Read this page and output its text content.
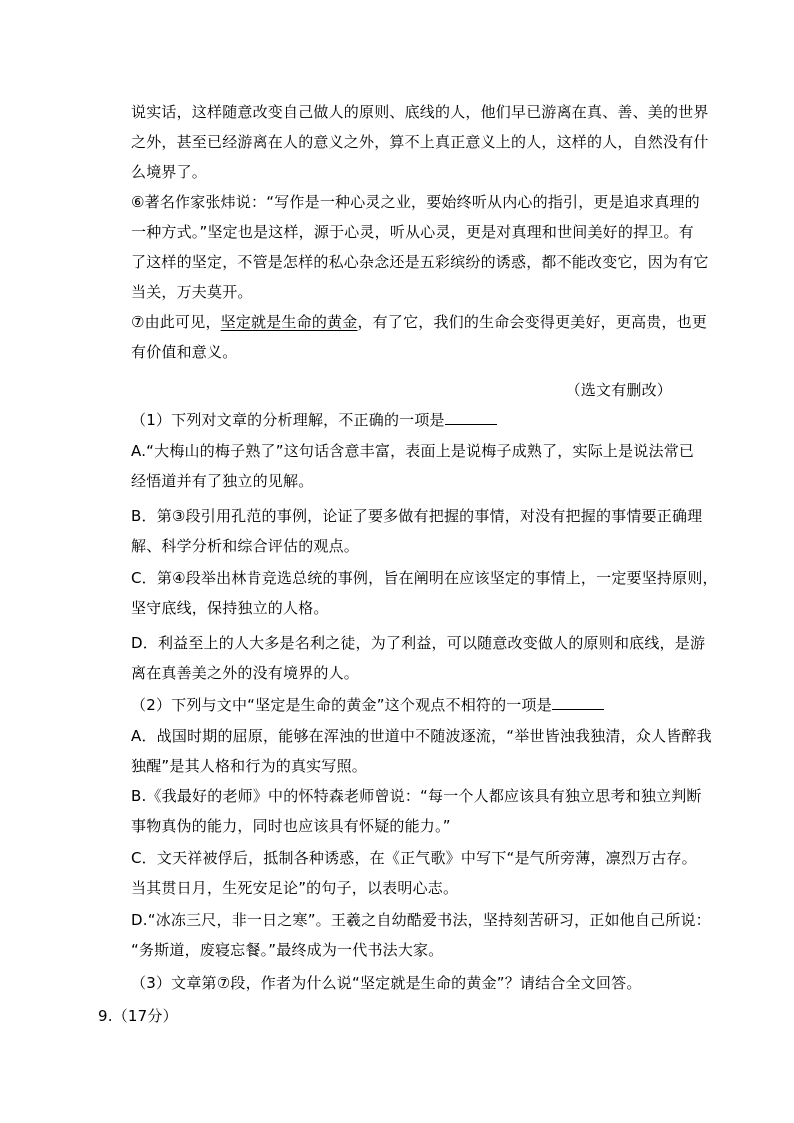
说实话，这样随意改变自己做人的原则、底线的人，他们早已游离在真、善、美的世界
之外，甚至已经游离在人的意义之外，算不上真正意义上的人，这样的人，自然没有什
么境界了。
⑥著名作家张炜说：“写作是一种心灵之业，要始终听从内心的指引，更是追求真理的
一种方式。”坚定也是这样，源于心灵，听从心灵，更是对真理和世间美好的捍卫。有
了这样的坚定，不管是怎样的私心杂念还是五彩缤纷的诱惑，都不能改变它，因为有它
当关，万夫莫开。
⑦由此可见，坚定就是生命的黄金，有了它，我们的生命会变得更美好，更高贵，也更
有价值和意义。
（选文有删改）
（1）下列对文章的分析理解，不正确的一项是
A.“大梅山的梅子熟了”这句话含意丰富，表面上是说梅子成熟了，实际上是说法常已
经悟道并有了独立的见解。
B．第③段引用孔范的事例，论证了要多做有把握的事情，对没有把握的事情要正确理
解、科学分析和综合评估的观点。
C．第④段举出林肯竞选总统的事例，旨在阐明在应该坚定的事情上，一定要坚持原则，
坚守底线，保持独立的人格。
D．利益至上的人大多是名利之徒，为了利益，可以随意改变做人的原则和底线，是游
离在真善美之外的没有境界的人。
（2）下列与文中“坚定是生命的黄金”这个观点不相符的一项是
A．战国时期的屈原，能够在浑浊的世道中不随波逐流，“举世皆浊我独清，众人皆醉我
独醒”是其人格和行为的真实写照。
B.《我最好的老师》中的怀特森老师曾说：“每一个人都应该具有独立思考和独立判断
事物真伪的能力，同时也应该具有怀疑的能力。”
C．文天祥被俘后，抵制各种诱惑，在《正气歌》中写下“是气所旁薄，凛烈万古存。
当其贯日月，生死安足论”的句子，以表明心志。
D.“冰冻三尺，非一日之寒”。王羲之自幼酷爱书法，坚持刻苦研习，正如他自己所说：
“务斯道，废寝忘餐。”最终成为一代书法大家。
（3）文章第⑦段，作者为什么说“坚定就是生命的黄金”？请结合全文回答。
9.（17分）
